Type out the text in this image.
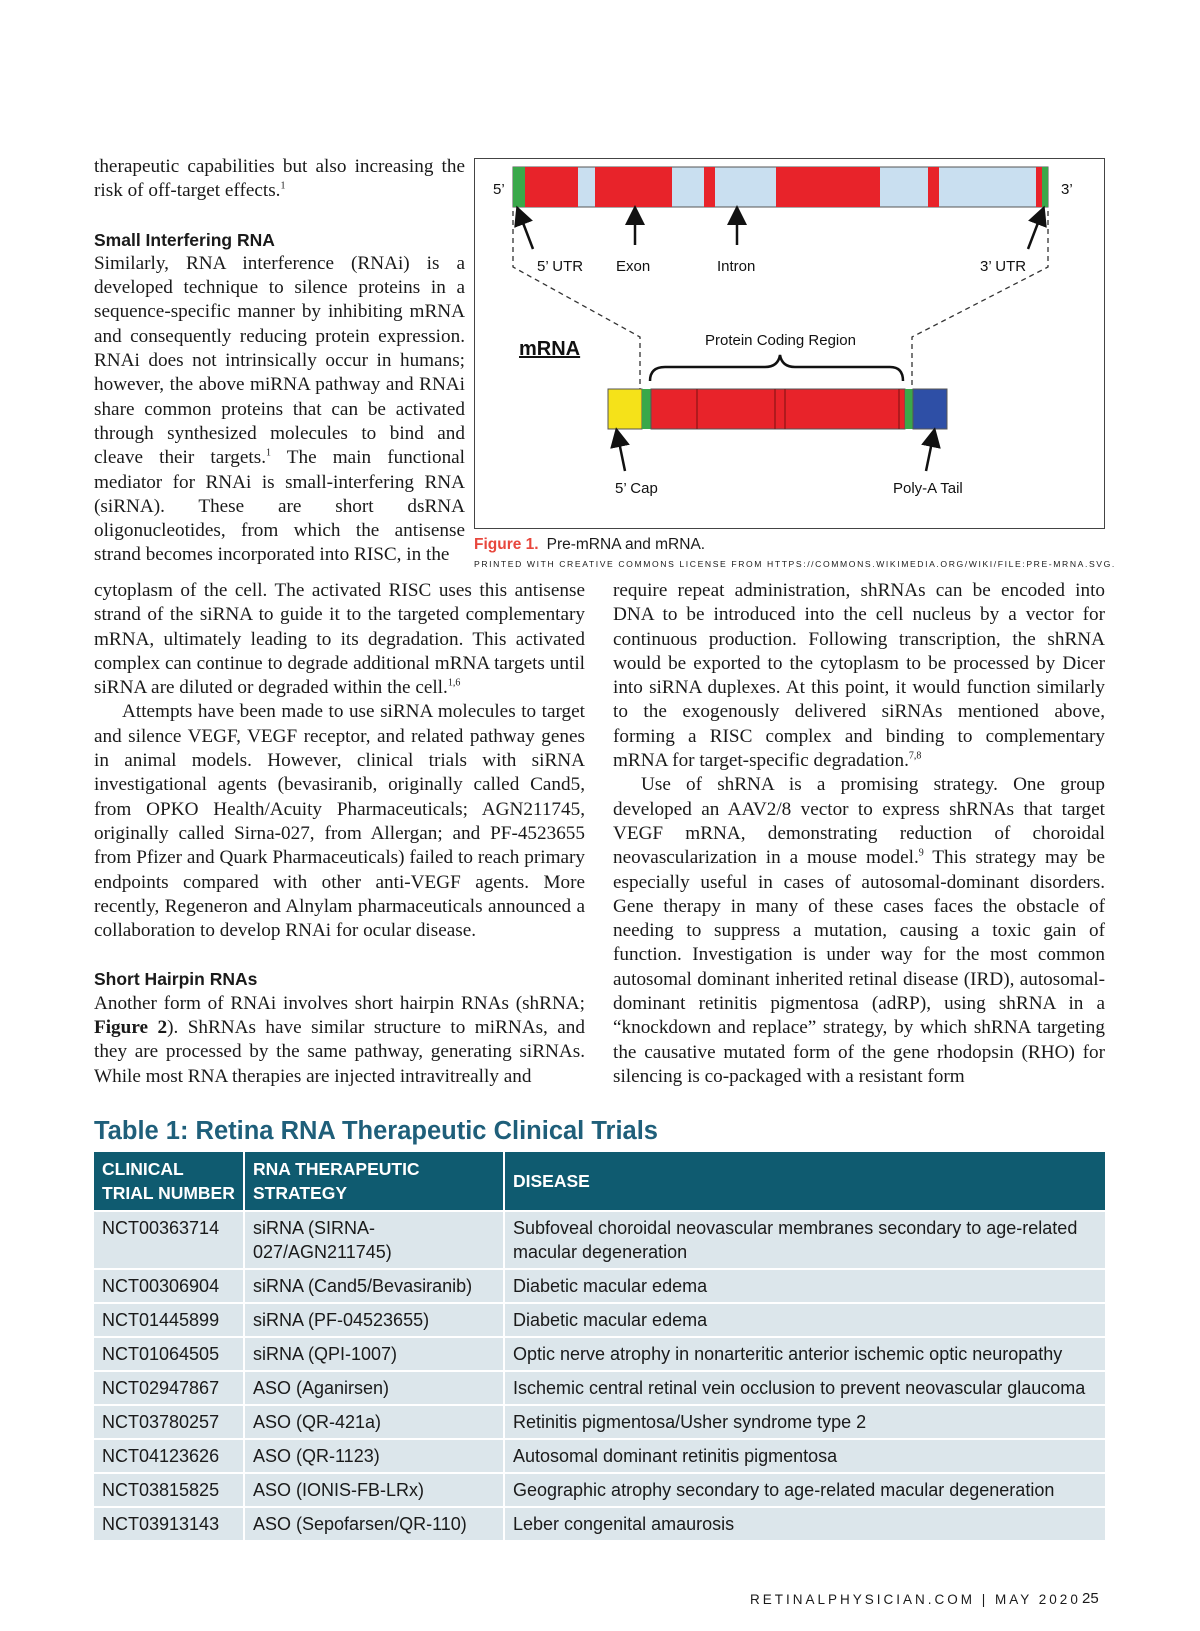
therapeutic capabilities but also increasing the risk of off-target effects.$^1$

Small Interfering RNA

Similarly, RNA interference (RNAi) is a developed technique to silence proteins in a sequence-specific manner by inhibiting mRNA and consequently reducing protein expression. RNAi does not intrinsically occur in humans; however, the above miRNA pathway and RNAi share common proteins that can be activated through synthesized molecules to bind and cleave their targets.$^1$ The main functional mediator for RNAi is small-interfering RNA (siRNA). These are short dsRNA oligonucleotides, from which the antisense strand becomes incorporated into RISC, in the

cytoplasm of the cell. The activated RISC uses this antisense strand of the siRNA to guide it to the targeted complementary mRNA, ultimately leading to its degradation. This activated complex can continue to degrade additional mRNA targets until siRNA are diluted or degraded within the cell.$^{1,6}$

Attempts have been made to use siRNA molecules to target and silence VEGF, VEGF receptor, and related pathway genes in animal models. However, clinical trials with siRNA investigational agents (bevasiranib, originally called Cand5, from OPKO Health/Acuity Pharmaceuticals; AGN211745, originally called Sirna-027, from Allergan; and PF-4523655 from Pfizer and Quark Pharmaceuticals) failed to reach primary endpoints compared with other anti-VEGF agents. More recently, Regeneron and Alnylam pharmaceuticals announced a collaboration to develop RNAi for ocular disease.

Short Hairpin RNAs

Another form of RNAi involves short hairpin RNAs (shRNA; Figure 2). ShRNAs have similar structure to miRNAs, and they are processed by the same pathway, generating siRNAs. While most RNA therapies are injected intravitreally and

require repeat administration, shRNAs can be encoded into DNA to be introduced into the cell nucleus by a vector for continuous production. Following transcription, the shRNA would be exported to the cytoplasm to be processed by Dicer into siRNA duplexes. At this point, it would function similarly to the exogenously delivered siRNAs mentioned above, forming a RISC complex and binding to complementary mRNA for target-specific degradation.$^{7,8}$

Use of shRNA is a promising strategy. One group developed an AAV2/8 vector to express shRNAs that target VEGF mRNA, demonstrating reduction of choroidal neovascularization in a mouse model.$^9$ This strategy may be especially useful in cases of autosomal-dominant disorders. Gene therapy in many of these cases faces the obstacle of needing to suppress a mutation, causing a toxic gain of function. Investigation is under way for the most common autosomal dominant inherited retinal disease (IRD), autosomal-dominant retinitis pigmentosa (adRP), using shRNA in a “knockdown and replace” strategy, by which shRNA targeting the causative mutated form of the gene rhodopsin (RHO) for silencing is co-packaged with a resistant form

5’	3’
5’ UTR Exon	Intron	3’ UTR
mRNA	Protein Coding Region
5’ Cap	Poly-A Tail
Figure 1. Pre-mRNA and mRNA.
PRINTED WITH CREATIVE COMMONS LICENSE FROM HTTPS://COMMONS.WIKIMEDIA.ORG/WIKI/FILE:PRE-MRNA.SVG.
Table 1: Retina RNA Therapeutic Clinical Trials
CLINICAL TRIAL NUMBER	RNA THERAPEUTIC STRATEGY	DISEASE
NCT00363714	siRNA (SIRNA-027/AGN211745)	Subfoveal choroidal neovascular membranes secondary to age-related macular degeneration
NCT00306904	siRNA (Cand5/Bevasiranib)	Diabetic macular edema
NCT01445899	siRNA (PF-04523655)	Diabetic macular edema
NCT01064505	siRNA (QPI-1007)	Optic nerve atrophy in nonarteritic anterior ischemic optic neuropathy
NCT02947867	ASO (Aganirsen)	Ischemic central retinal vein occlusion to prevent neovascular glaucoma
NCT03780257	ASO (QR-421a)	Retinitis pigmentosa/Usher syndrome type 2
NCT04123626	ASO (QR-1123)	Autosomal dominant retinitis pigmentosa
NCT03815825	ASO (IONIS-FB-LRx)	Geographic atrophy secondary to age-related macular degeneration
NCT03913143	ASO (Sepofarsen/QR-110)	Leber congenital amaurosis
RETINALPHYSICIAN.COM | MAY 2020 25
